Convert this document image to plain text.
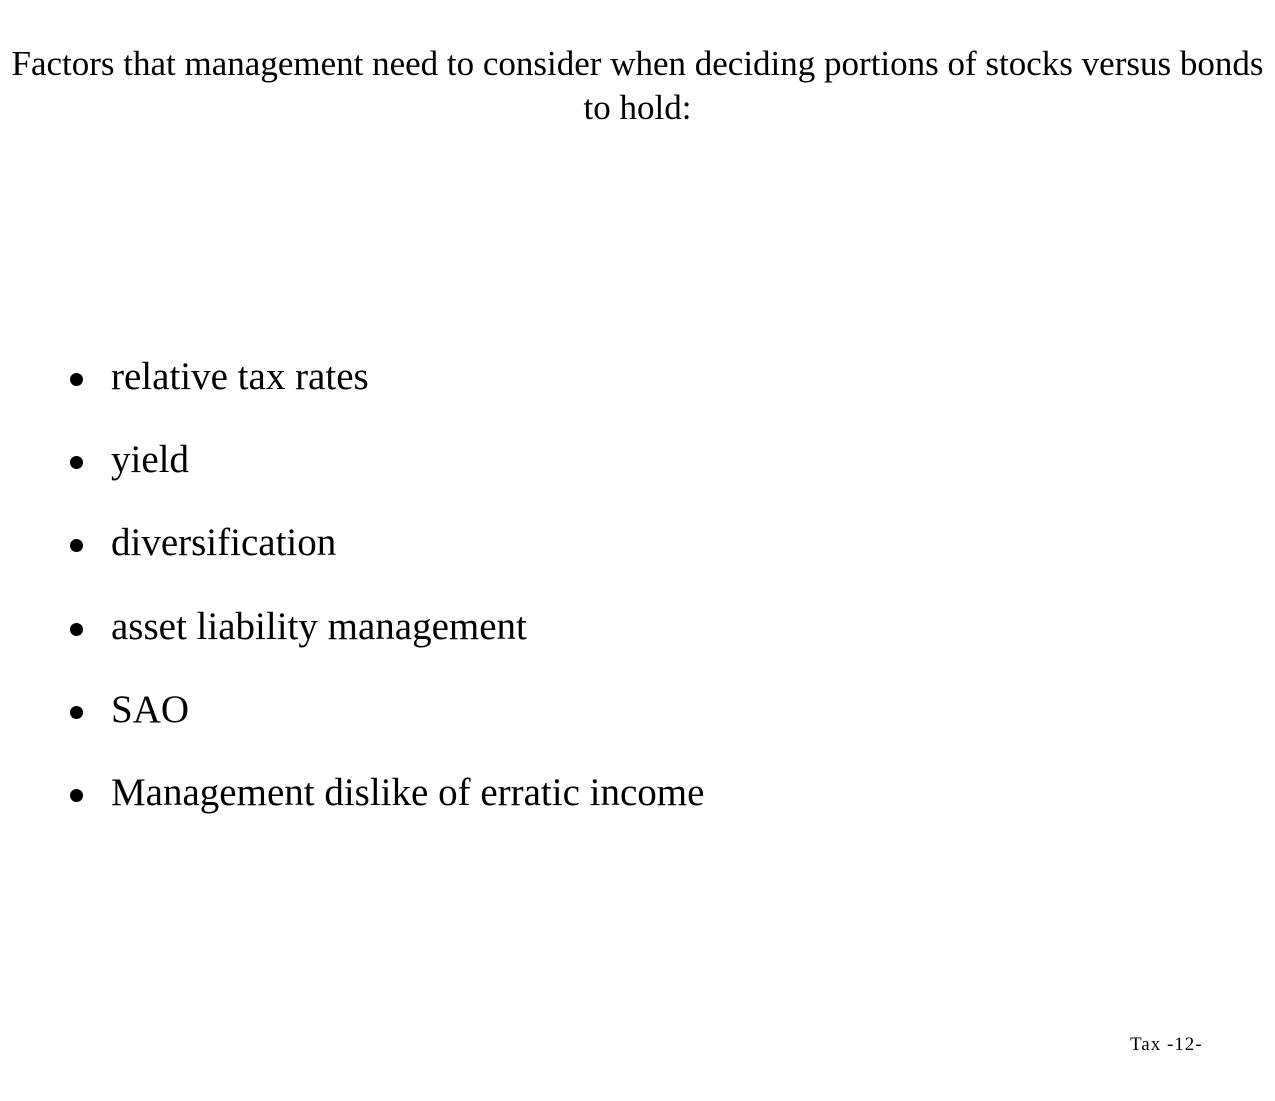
Factors that management need to consider when deciding portions of stocks versus bonds to hold:
relative tax rates
yield
diversification
asset liability management
SAO
Management dislike of erratic income
Tax -12-
